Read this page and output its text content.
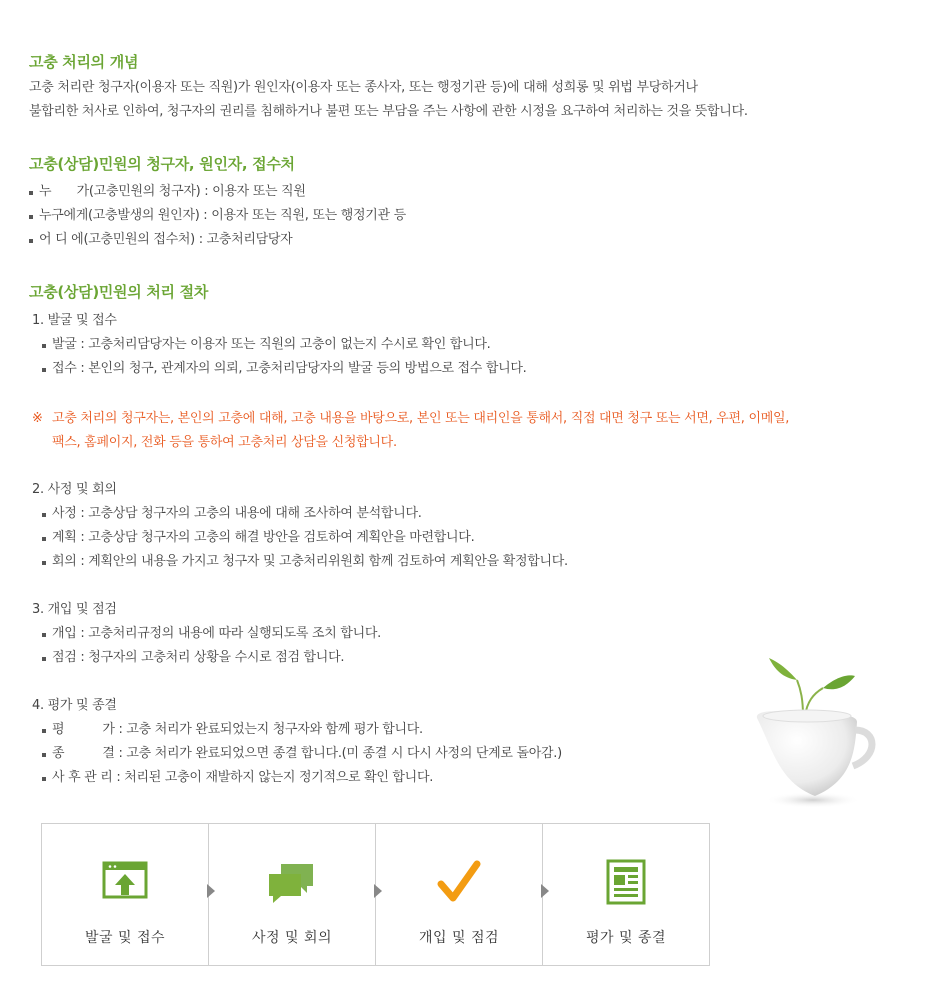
고충 처리의 개념
고충 처리란 청구자(이용자 또는 직원)가 원인자(이용자 또는 종사자, 또는 행정기관 등)에 대해 성희롱 및 위법 부당하거나
불합리한 처사로 인하여, 청구자의 권리를 침해하거나 불편 또는 부담을 주는 사항에 관한 시정을 요구하여 처리하는 것을 뜻합니다.
고충(상담)민원의 청구자, 원인자, 접수처
누　　가(고충민원의 청구자) : 이용자 또는 직원
누구에게(고충발생의 원인자) : 이용자 또는 직원, 또는 행정기관 등
어 디 에(고충민원의 접수처) : 고충처리담당자
고충(상담)민원의 처리 절차
1. 발굴 및 접수
발굴 : 고충처리담당자는 이용자 또는 직원의 고충이 없는지 수시로 확인 합니다.
접수 : 본인의 청구, 관계자의 의뢰, 고충처리담당자의 발굴 등의 방법으로 접수 합니다.
※ 고충 처리의 청구자는, 본인의 고충에 대해, 고충 내용을 바탕으로, 본인 또는 대리인을 통해서, 직접 대면 청구 또는 서면, 우편, 이메일,
팩스, 홈페이지, 전화 등을 통하여 고충처리 상담을 신청합니다.
2. 사정 및 회의
사정 : 고충상담 청구자의 고충의 내용에 대해 조사하여 분석합니다.
계획 : 고충상담 청구자의 고충의 해결 방안을 검토하여 계획안을 마련합니다.
회의 : 계획안의 내용을 가지고 청구자 및 고충처리위원회 함께 검토하여 계획안을 확정합니다.
3. 개입 및 점검
개입 : 고충처리규정의 내용에 따라 실행되도록 조치 합니다.
점검 : 청구자의 고충처리 상황을 수시로 점검 합니다.
4. 평가 및 종결
평　　　가 : 고충 처리가 완료되었는지 청구자와 함께 평가 합니다.
종　　　결 : 고충 처리가 완료되었으면 종결 합니다.(미 종결 시 다시 사정의 단계로 돌아감.)
사 후 관 리 : 처리된 고충이 재발하지 않는지 정기적으로 확인 합니다.
발굴 및 접수	사정 및 회의	개입 및 점검	평가 및 종결
